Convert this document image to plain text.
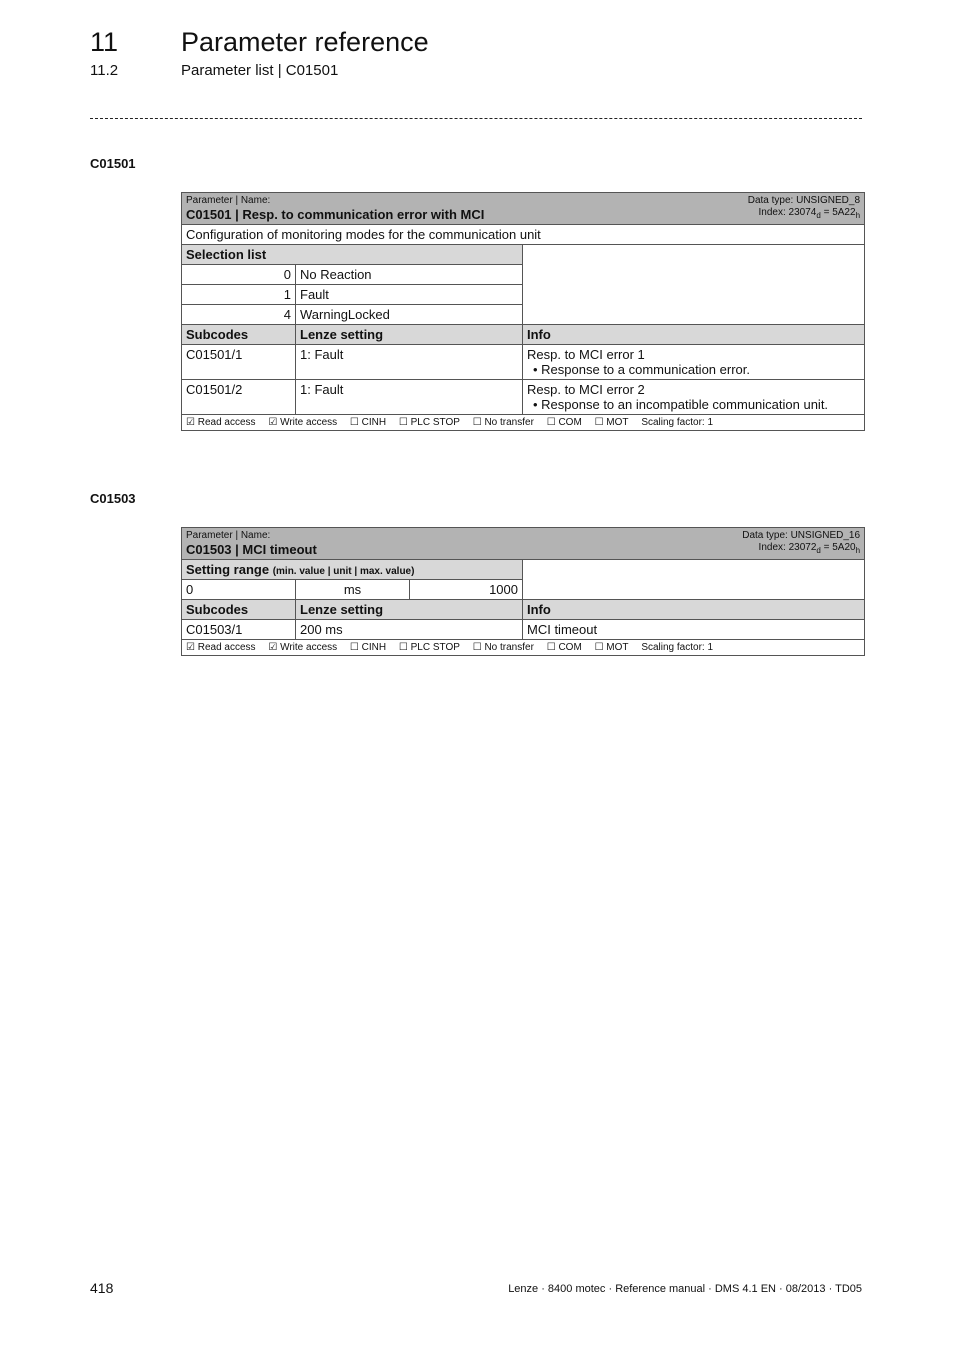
11 Parameter reference
11.2	Parameter list | C01501
C01501
Parameter | Name:
C01501 | Resp. to communication error with MCI
Data type: UNSIGNED_8
Index: $23074_d = 5A22_h$

Configuration of monitoring modes for the communication unit		
Selection list		
0	No Reaction	
1	Fault	
4	WarningLocked	
Subcodes	Lenze setting	Info
C01501/1	1: Fault	Resp. to MCI error 1
• Response to a communication error.

C01501/2	1: Fault	Resp. to MCI error 2
• Response to an incompatible communication unit.

☑ Read access ☑ Write access ☐ CINH ☐ PLC STOP ☐ No transfer ☐ COM ☐ MOT Scaling factor: 1		
C01503
Parameter | Name:
C01503 | MCI timeout
Data type: UNSIGNED_16
Index: $23072_d = 5A20_h$

Setting range (min. value | unit | max. value)			
0	ms	1000	
Subcodes	Lenze setting		Info
C01503/1	200 ms		MCI timeout
☑ Read access ☑ Write access ☐ CINH ☐ PLC STOP ☐ No transfer ☐ COM ☐ MOT Scaling factor: 1			
418	Lenze · 8400 motec · Reference manual · DMS 4.1 EN · 08/2013 · TD05
